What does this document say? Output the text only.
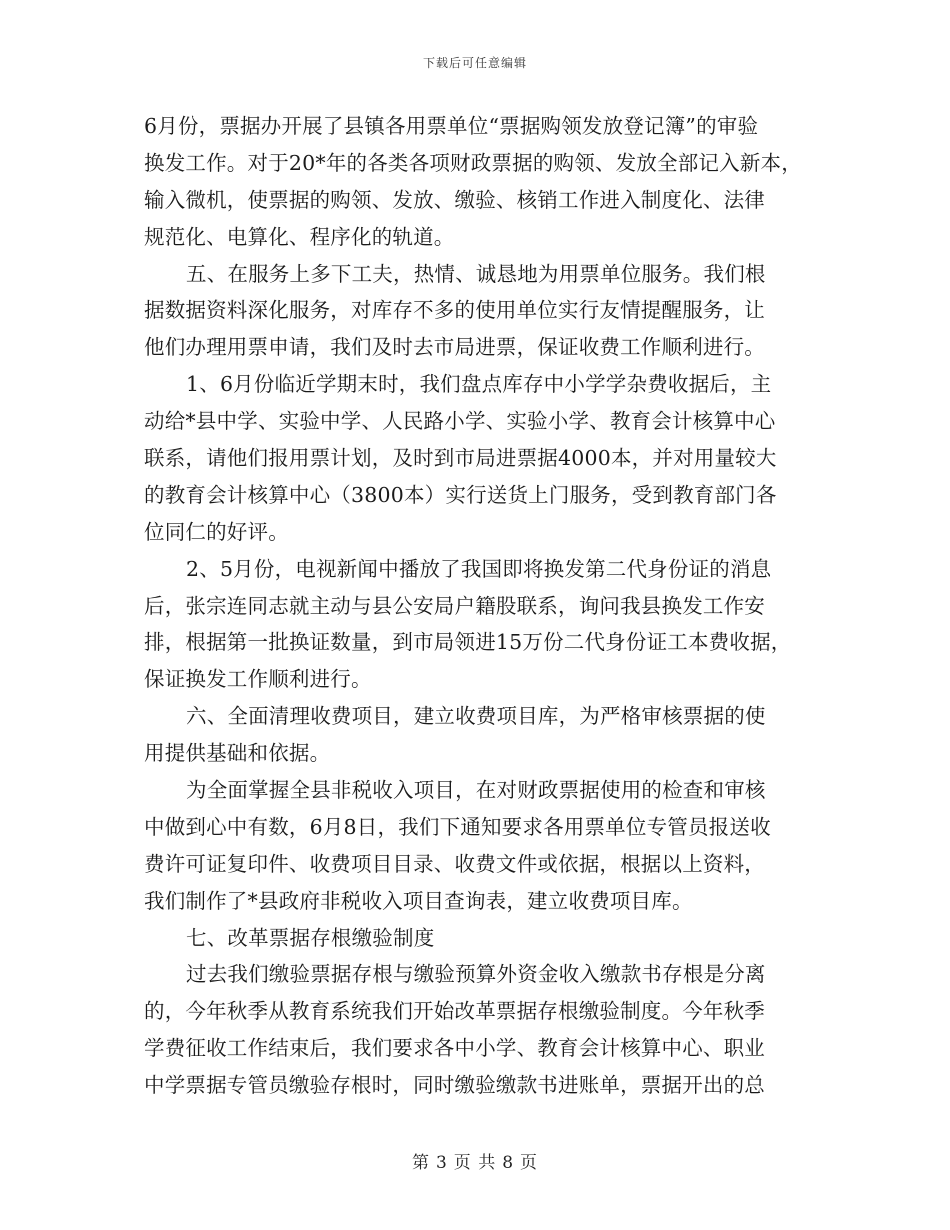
下载后可任意编辑
6月份，票据办开展了县镇各用票单位“票据购领发放登记簿”的审验
换发工作。对于20*年的各类各项财政票据的购领、发放全部记入新本，
输入微机，使票据的购领、发放、缴验、核销工作进入制度化、法律
规范化、电算化、程序化的轨道。
五、在服务上多下工夫，热情、诚恳地为用票单位服务。我们根
据数据资料深化服务，对库存不多的使用单位实行友情提醒服务，让
他们办理用票申请，我们及时去市局进票，保证收费工作顺利进行。
1、6月份临近学期末时，我们盘点库存中小学学杂费收据后，主
动给*县中学、实验中学、人民路小学、实验小学、教育会计核算中心
联系，请他们报用票计划，及时到市局进票据4000本，并对用量较大
的教育会计核算中心（3800本）实行送货上门服务，受到教育部门各
位同仁的好评。
2、5月份，电视新闻中播放了我国即将换发第二代身份证的消息
后，张宗连同志就主动与县公安局户籍股联系，询问我县换发工作安
排，根据第一批换证数量，到市局领进15万份二代身份证工本费收据，
保证换发工作顺利进行。
六、全面清理收费项目，建立收费项目库，为严格审核票据的使
用提供基础和依据。
为全面掌握全县非税收入项目，在对财政票据使用的检查和审核
中做到心中有数，6月8日，我们下通知要求各用票单位专管员报送收
费许可证复印件、收费项目目录、收费文件或依据，根据以上资料，
我们制作了*县政府非税收入项目查询表，建立收费项目库。
七、改革票据存根缴验制度
过去我们缴验票据存根与缴验预算外资金收入缴款书存根是分离
的，今年秋季从教育系统我们开始改革票据存根缴验制度。今年秋季
学费征收工作结束后，我们要求各中小学、教育会计核算中心、职业
中学票据专管员缴验存根时，同时缴验缴款书进账单，票据开出的总
第 3 页 共 8 页
